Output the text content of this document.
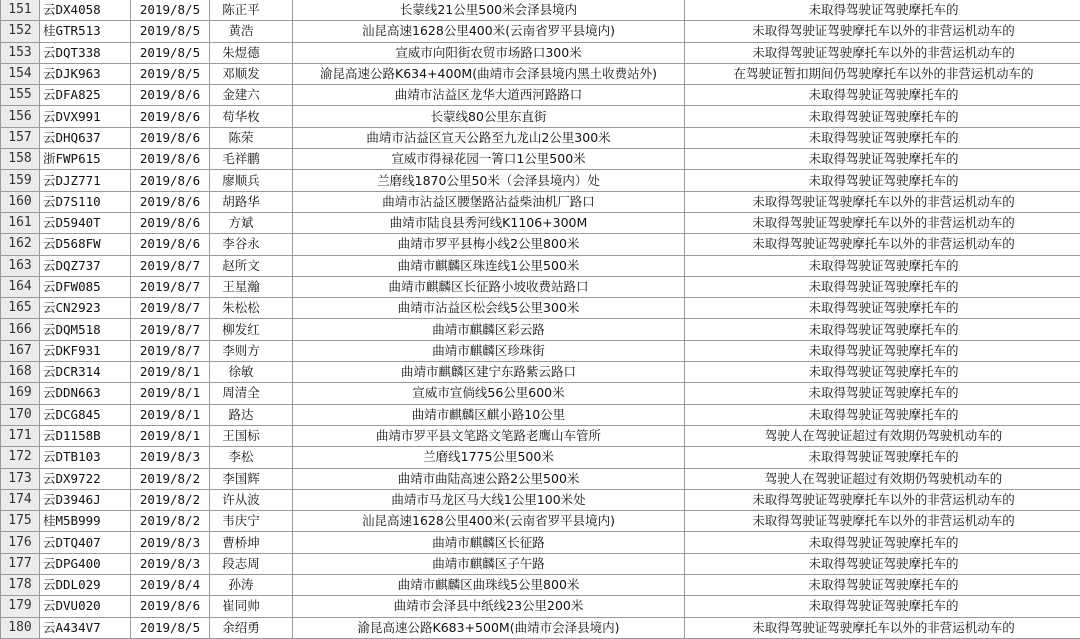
151	云DX4058	2019/8/5	陈正平	长蒙线21公里500米会泽县境内	未取得驾驶证驾驶摩托车的
152	桂GTR513	2019/8/5	黄浩	汕昆高速1628公里400米(云南省罗平县境内)	未取得驾驶证驾驶摩托车以外的非营运机动车的
153	云DQT338	2019/8/5	朱煜德	宣威市向阳街农贸市场路口300米	未取得驾驶证驾驶摩托车以外的非营运机动车的
154	云DJK963	2019/8/5	邓顺发	渝昆高速公路K634+400M(曲靖市会泽县境内黑土收费站外)	在驾驶证暂扣期间仍驾驶摩托车以外的非营运机动车的
155	云DFA825	2019/8/6	金建六	曲靖市沾益区龙华大道西河路路口	未取得驾驶证驾驶摩托车的
156	云DVX991	2019/8/6	苟华枚	长蒙线80公里东直街	未取得驾驶证驾驶摩托车的
157	云DHQ637	2019/8/6	陈荣	曲靖市沾益区宣天公路至九龙山2公里300米	未取得驾驶证驾驶摩托车的
158	浙FWP615	2019/8/6	毛祥鹏	宣威市得禄花园一箐口1公里500米	未取得驾驶证驾驶摩托车的
159	云DJZ771	2019/8/6	廖顺兵	兰磨线1870公里50米（会泽县境内）处	未取得驾驶证驾驶摩托车的
160	云D7S110	2019/8/6	胡路华	曲靖市沾益区腰堡路沾益柴油机厂路口	未取得驾驶证驾驶摩托车以外的非营运机动车的
161	云D5940T	2019/8/6	方斌	曲靖市陆良县秀河线K1106+300M	未取得驾驶证驾驶摩托车以外的非营运机动车的
162	云D568FW	2019/8/6	李谷永	曲靖市罗平县梅小线2公里800米	未取得驾驶证驾驶摩托车以外的非营运机动车的
163	云DQZ737	2019/8/7	赵所文	曲靖市麒麟区珠连线1公里500米	未取得驾驶证驾驶摩托车的
164	云DFW085	2019/8/7	王星瀚	曲靖市麒麟区长征路小坡收费站路口	未取得驾驶证驾驶摩托车的
165	云CN2923	2019/8/7	朱松松	曲靖市沾益区松会线5公里300米	未取得驾驶证驾驶摩托车的
166	云DQM518	2019/8/7	柳发红	曲靖市麒麟区彩云路	未取得驾驶证驾驶摩托车的
167	云DKF931	2019/8/7	李则方	曲靖市麒麟区珍珠街	未取得驾驶证驾驶摩托车的
168	云DCR314	2019/8/1	徐敏	曲靖市麒麟区建宁东路紫云路口	未取得驾驶证驾驶摩托车的
169	云DDN663	2019/8/1	周清全	宣威市宣倘线56公里600米	未取得驾驶证驾驶摩托车的
170	云DCG845	2019/8/1	路达	曲靖市麒麟区麒小路10公里	未取得驾驶证驾驶摩托车的
171	云D1158B	2019/8/1	王国标	曲靖市罗平县文笔路文笔路老鹰山车管所	驾驶人在驾驶证超过有效期仍驾驶机动车的
172	云DTB103	2019/8/3	李松	兰磨线1775公里500米	未取得驾驶证驾驶摩托车的
173	云DX9722	2019/8/2	李国辉	曲靖市曲陆高速公路2公里500米	驾驶人在驾驶证超过有效期仍驾驶机动车的
174	云D3946J	2019/8/2	许从波	曲靖市马龙区马大线1公里100米处	未取得驾驶证驾驶摩托车以外的非营运机动车的
175	桂M5B999	2019/8/2	韦庆宁	汕昆高速1628公里400米(云南省罗平县境内)	未取得驾驶证驾驶摩托车以外的非营运机动车的
176	云DTQ407	2019/8/3	曹桥坤	曲靖市麒麟区长征路	未取得驾驶证驾驶摩托车的
177	云DPG400	2019/8/3	段志周	曲靖市麒麟区子午路	未取得驾驶证驾驶摩托车的
178	云DDL029	2019/8/4	孙涛	曲靖市麒麟区曲珠线5公里800米	未取得驾驶证驾驶摩托车的
179	云DVU020	2019/8/6	崔同帅	曲靖市会泽县中纸线23公里200米	未取得驾驶证驾驶摩托车的
180	云A434V7	2019/8/5	余绍勇	渝昆高速公路K683+500M(曲靖市会泽县境内)	未取得驾驶证驾驶摩托车以外的非营运机动车的
